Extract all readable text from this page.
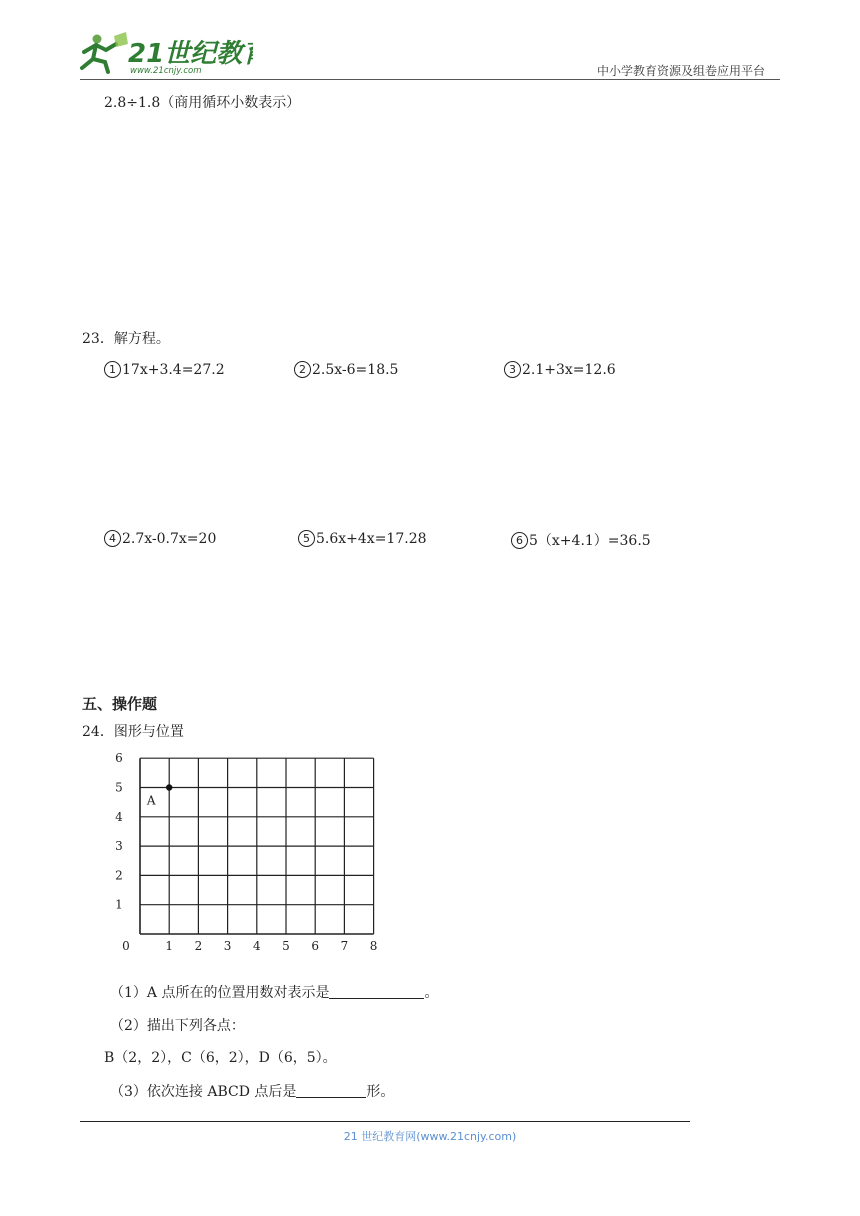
21世纪教
www.21cnjy.com	中小学教育资源及组卷应用平台
2.8÷1.8（商用循环小数表示）
23．解方程。
1 17x+3.4=27.2	2 2.5x-6=18.5	3 2.1+3x=12.6
4 2.7x-0.7x=20	5 5.6x+4x=17.28	6 5（x+4.1）=36.5
五、操作题
24．图形与位置
0	1 2 3 4 5 6 7 8
1
2
3
4
5
6
A
（1）A 点所在的位置用数对表示是	。
（2）描出下列各点：
B（2，2），C（6，2），D（6，5）。
（3）依次连接 ABCD 点后是	形。
21 世纪教育网(www.21cnjy.com)
